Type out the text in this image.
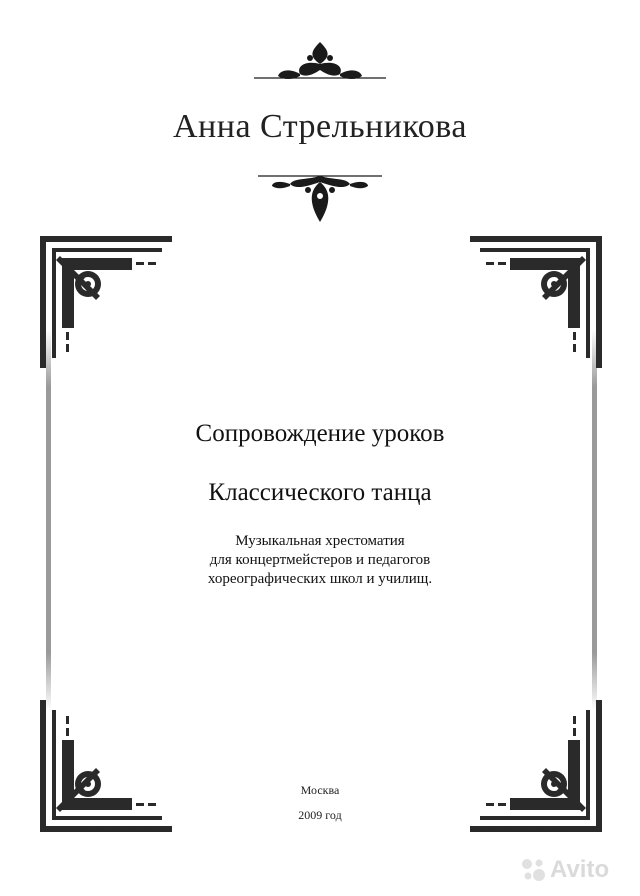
Анна Стрельникова
Сопровождение уроков
Классического танца
Музыкальная хрестоматия
для концертмейстеров и педагогов
хореографических школ и училищ.
Москва
2009 год
Avito
